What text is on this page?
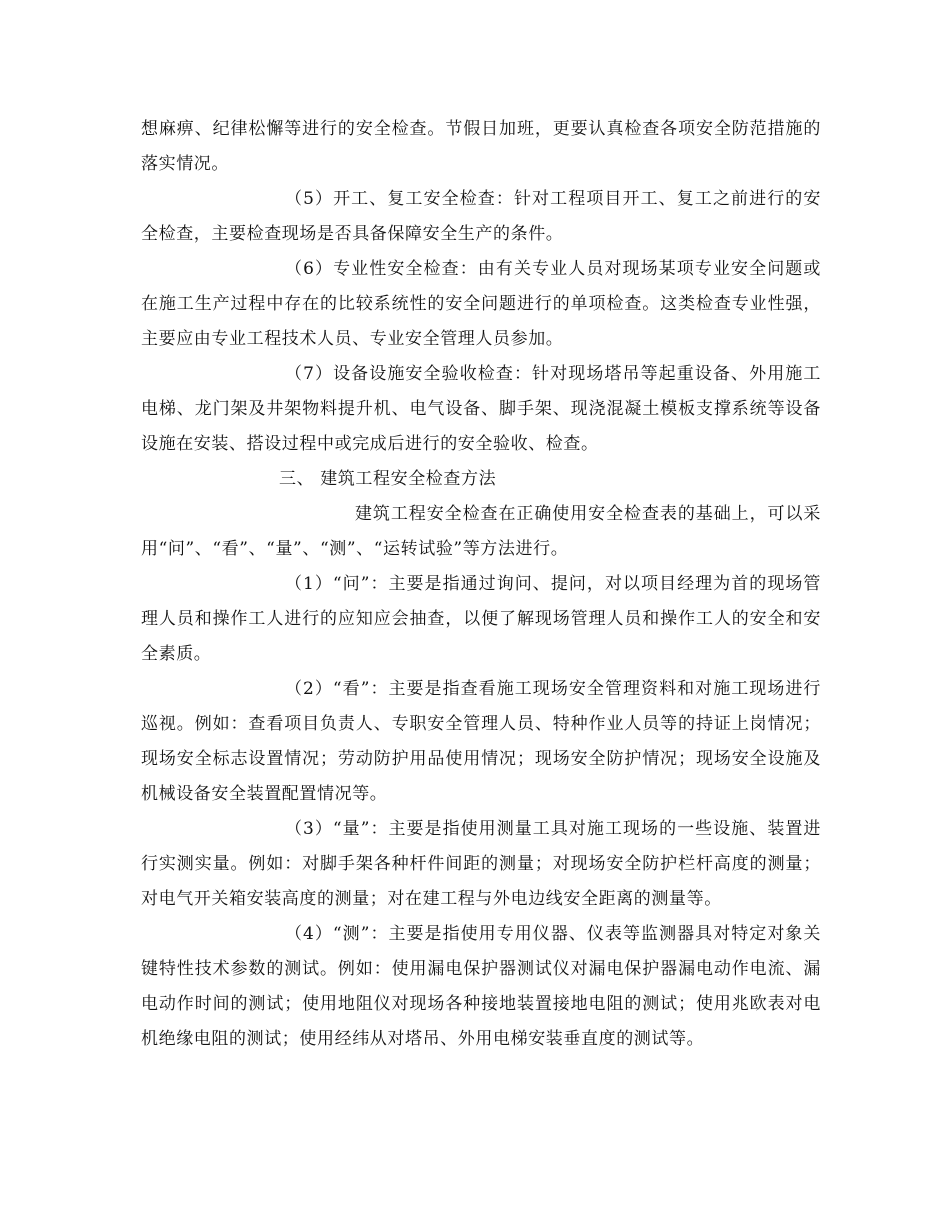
想麻痹、纪律松懈等进行的安全检查。节假日加班，更要认真检查各项安全防范措施的落实情况。

（5）开工、复工安全检查：针对工程项目开工、复工之前进行的安全检查，主要检查现场是否具备保障安全生产的条件。

（6）专业性安全检查：由有关专业人员对现场某项专业安全问题或在施工生产过程中存在的比较系统性的安全问题进行的单项检查。这类检查专业性强，主要应由专业工程技术人员、专业安全管理人员参加。

（7）设备设施安全验收检查：针对现场塔吊等起重设备、外用施工电梯、龙门架及井架物料提升机、电气设备、脚手架、现浇混凝土模板支撑系统等设备设施在安装、搭设过程中或完成后进行的安全验收、检查。

三、 建筑工程安全检查方法

建筑工程安全检查在正确使用安全检查表的基础上，可以采用“问”、“看”、“量”、“测”、“运转试验”等方法进行。

（1）“问”：主要是指通过询问、提问，对以项目经理为首的现场管理人员和操作工人进行的应知应会抽查，以便了解现场管理人员和操作工人的安全和安全素质。

（2）“看”：主要是指查看施工现场安全管理资料和对施工现场进行巡视。例如：查看项目负责人、专职安全管理人员、特种作业人员等的持证上岗情况；现场安全标志设置情况；劳动防护用品使用情况；现场安全防护情况；现场安全设施及机械设备安全装置配置情况等。

（3）“量”：主要是指使用测量工具对施工现场的一些设施、装置进行实测实量。例如：对脚手架各种杆件间距的测量；对现场安全防护栏杆高度的测量；对电气开关箱安装高度的测量；对在建工程与外电边线安全距离的测量等。

（4）“测”：主要是指使用专用仪器、仪表等监测器具对特定对象关键特性技术参数的测试。例如：使用漏电保护器测试仪对漏电保护器漏电动作电流、漏电动作时间的测试；使用地阻仪对现场各种接地装置接地电阻的测试；使用兆欧表对电机绝缘电阻的测试；使用经纬从对塔吊、外用电梯安装垂直度的测试等。
